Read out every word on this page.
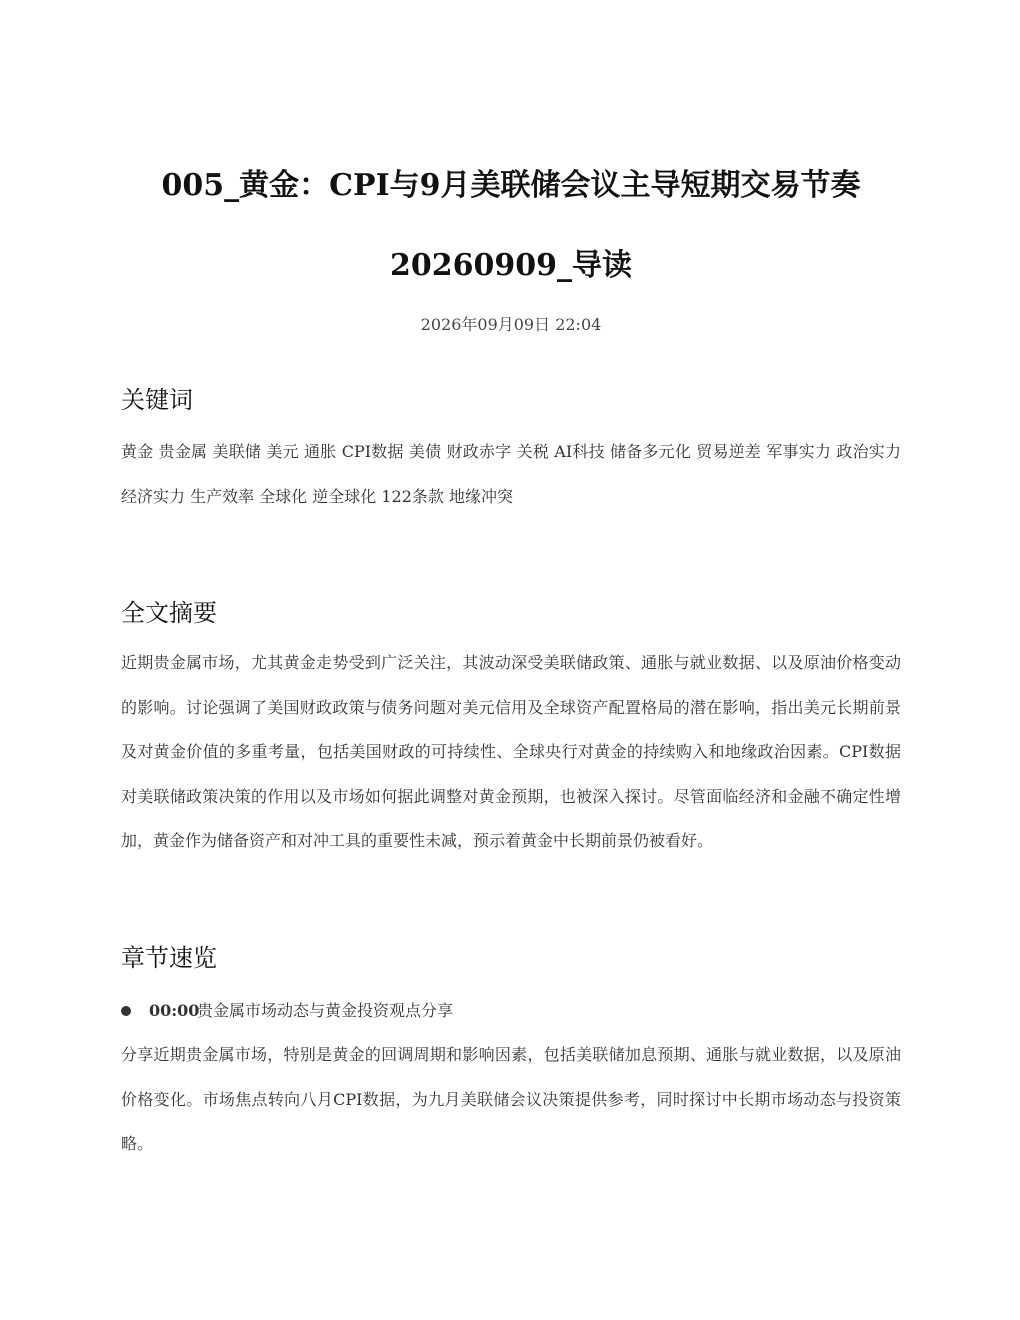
005_黄金：CPI与9月美联储会议主导短期交易节奏
20260909_导读
2026年09月09日 22:04
关键词

黄金 贵金属 美联储 美元 通胀 CPI数据 美债 财政赤字 关税 AI科技 储备多元化 贸易逆差 军事实力 政治实力 经济实力 生产效率 全球化 逆全球化 122条款 地缘冲突

全文摘要

近期贵金属市场，尤其黄金走势受到广泛关注，其波动深受美联储政策、通胀与就业数据、以及原油价格变动的影响。讨论强调了美国财政政策与债务问题对美元信用及全球资产配置格局的潜在影响，指出美元长期前景及对黄金价值的多重考量，包括美国财政的可持续性、全球央行对黄金的持续购入和地缘政治因素。CPI数据对美联储政策决策的作用以及市场如何据此调整对黄金预期，也被深入探讨。尽管面临经济和金融不确定性增加，黄金作为储备资产和对冲工具的重要性未减，预示着黄金中长期前景仍被看好。

章节速览
00:00
贵金属市场动态与黄金投资观点分享

分享近期贵金属市场，特别是黄金的回调周期和影响因素，包括美联储加息预期、通胀与就业数据，以及原油价格变化。市场焦点转向八月CPI数据，为九月美联储会议决策提供参考，同时探讨中长期市场动态与投资策略。
